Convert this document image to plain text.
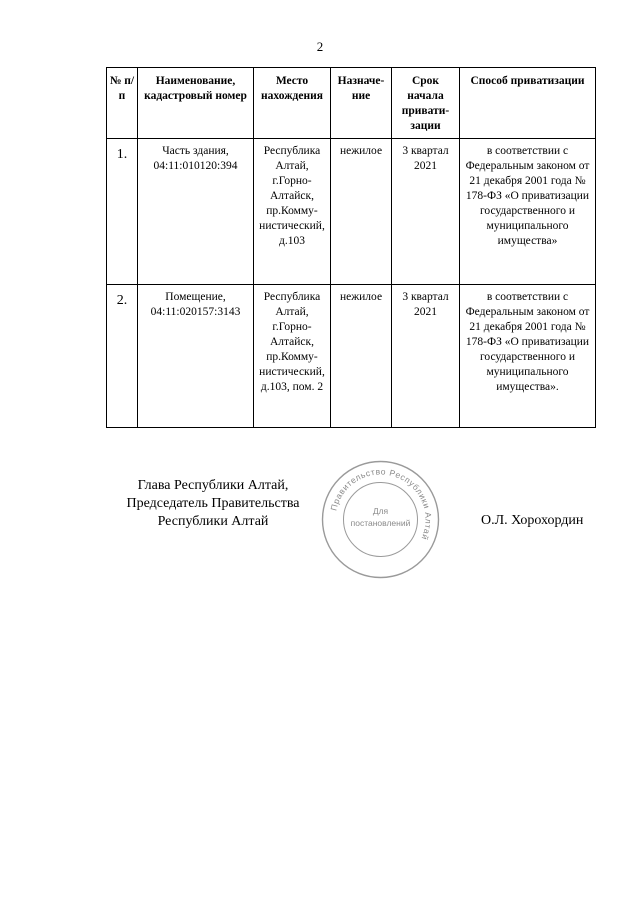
2
№ п/п	Наименование, кадастровый номер	Место нахождения	Назначе-ние	Срок начала привати-зации	Способ приватизации
1.	Часть здания, 04:11:010120:394	Республика Алтай, г.Горно-Алтайск, пр.Комму-нистический, д.103	нежилое	3 квартал 2021	в соответствии с Федеральным законом от 21 декабря 2001 года № 178-ФЗ «О приватизации государственного и муниципального имущества»
2.	Помещение, 04:11:020157:3143	Республика Алтай, г.Горно-Алтайск, пр.Комму-нистический, д.103, пом. 2	нежилое	3 квартал 2021	в соответствии с Федеральным законом от 21 декабря 2001 года № 178-ФЗ «О приватизации государственного и муниципального имущества».
Глава Республики Алтай,
Председатель Правительства
Республики Алтай
Правительство Республики Алтай
Для
постановлений	О.Л. Хорохордин
